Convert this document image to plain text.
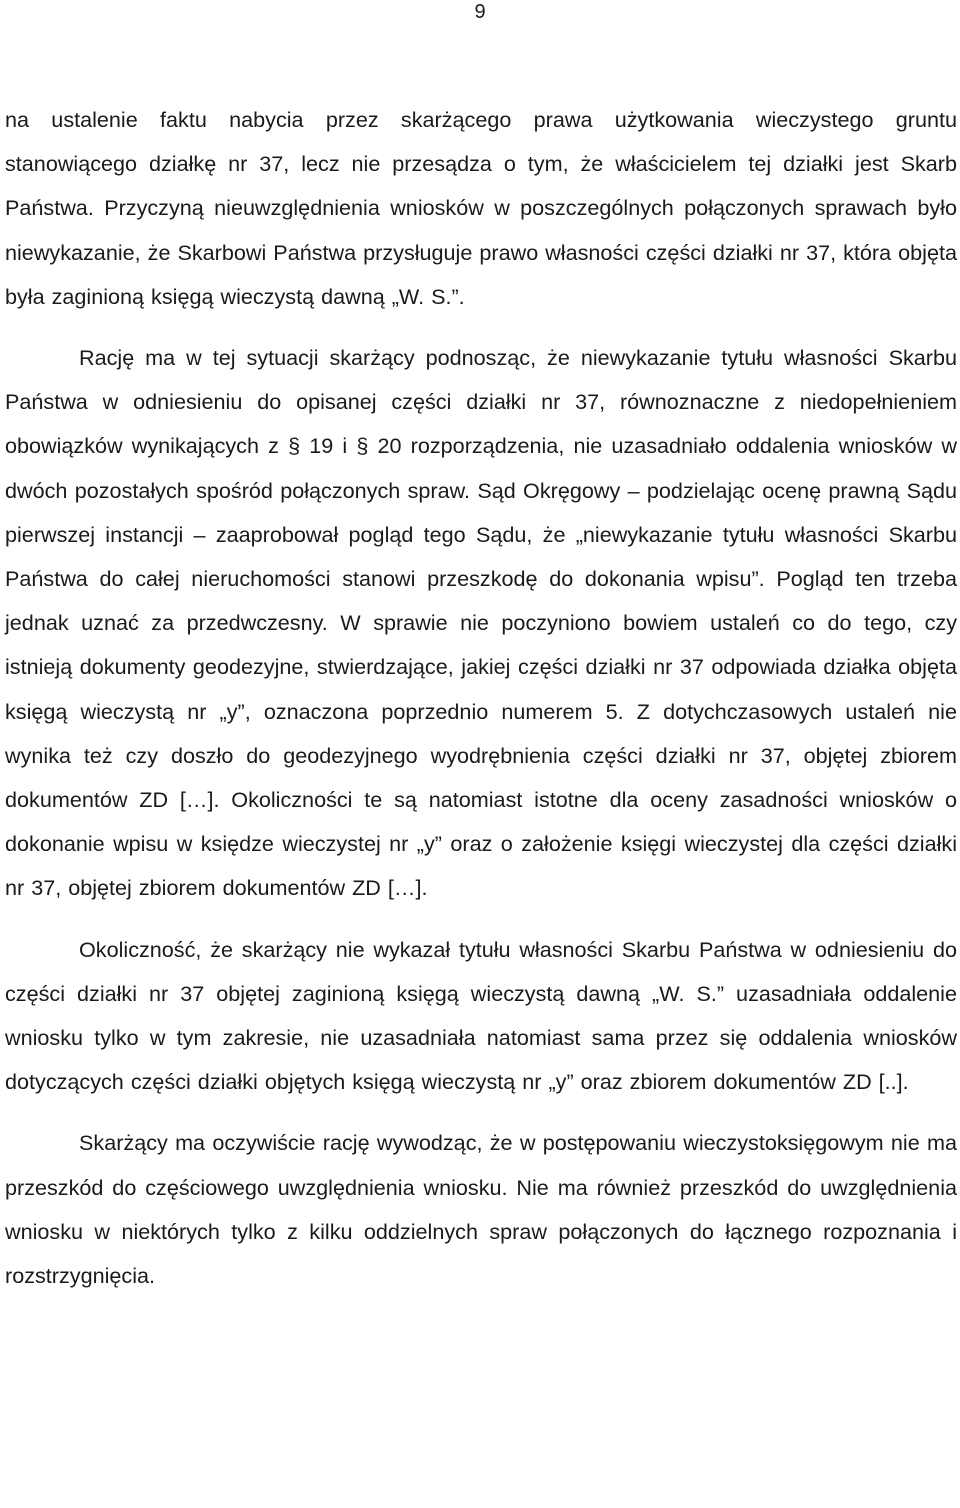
9

na ustalenie faktu nabycia przez skarżącego prawa użytkowania wieczystego gruntu stanowiącego działkę nr 37, lecz nie przesądza o tym, że właścicielem tej działki jest Skarb Państwa. Przyczyną nieuwzględnienia wniosków w poszczególnych połączonych sprawach było niewykazanie, że Skarbowi Państwa przysługuje prawo własności części działki nr 37, która objęta była zaginioną księgą wieczystą dawną „W. S.”.

Rację ma w tej sytuacji skarżący podnosząc, że niewykazanie tytułu własności Skarbu Państwa w odniesieniu do opisanej części działki nr 37, równoznaczne z niedopełnieniem obowiązków wynikających z § 19 i § 20 rozporządzenia, nie uzasadniało oddalenia wniosków w dwóch pozostałych spośród połączonych spraw. Sąd Okręgowy – podzielając ocenę prawną Sądu pierwszej instancji – zaaprobował pogląd tego Sądu, że „niewykazanie tytułu własności Skarbu Państwa do całej nieruchomości stanowi przeszkodę do dokonania wpisu”. Pogląd ten trzeba jednak uznać za przedwczesny. W sprawie nie poczyniono bowiem ustaleń co do tego, czy istnieją dokumenty geodezyjne, stwierdzające, jakiej części działki nr 37 odpowiada działka objęta księgą wieczystą nr „y”, oznaczona poprzednio numerem 5. Z dotychczasowych ustaleń nie wynika też czy doszło do geodezyjnego wyodrębnienia części działki nr 37, objętej zbiorem dokumentów ZD […]. Okoliczności te są natomiast istotne dla oceny zasadności wniosków o dokonanie wpisu w księdze wieczystej nr „y” oraz o założenie księgi wieczystej dla części działki nr 37, objętej zbiorem dokumentów ZD […].

Okoliczność, że skarżący nie wykazał tytułu własności Skarbu Państwa w odniesieniu do części działki nr 37 objętej zaginioną księgą wieczystą dawną „W. S.” uzasadniała oddalenie wniosku tylko w tym zakresie, nie uzasadniała natomiast sama przez się oddalenia wniosków dotyczących części działki objętych księgą wieczystą nr „y” oraz zbiorem dokumentów ZD [..].

Skarżący ma oczywiście rację wywodząc, że w postępowaniu wieczystoksięgowym nie ma przeszkód do częściowego uwzględnienia wniosku. Nie ma również przeszkód do uwzględnienia wniosku w niektórych tylko z kilku oddzielnych spraw połączonych do łącznego rozpoznania i rozstrzygnięcia.
